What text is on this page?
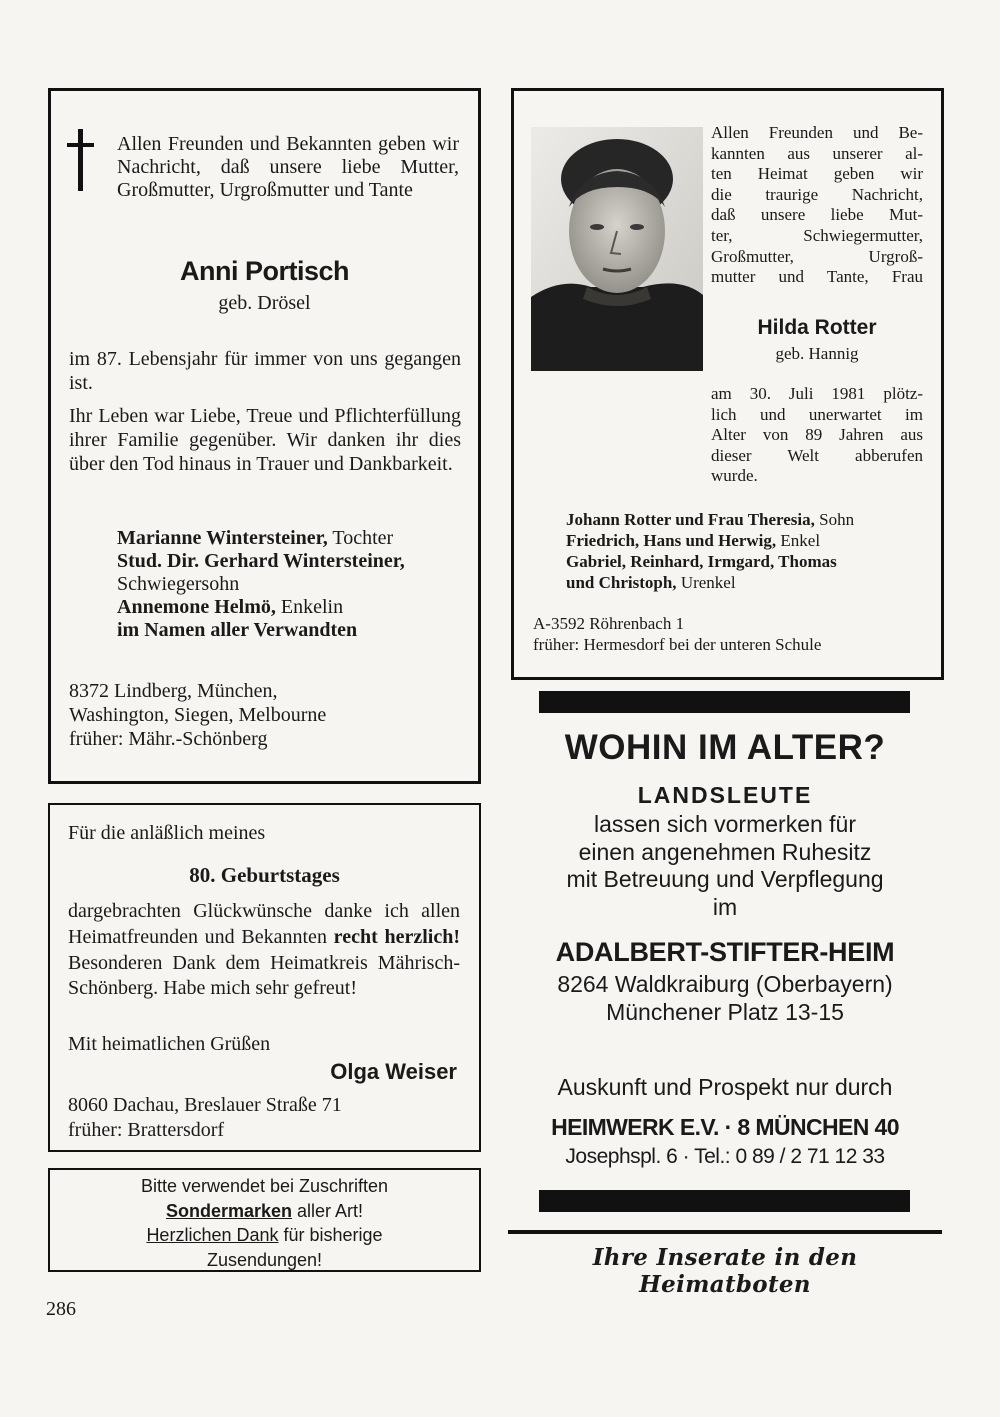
Allen Freunden und Bekannten geben wir Nachricht, daß unsere liebe Mutter, Großmutter, Urgroßmutter und Tante

Anni Portisch

geb. Drösel

im 87. Lebensjahr für immer von uns gegangen ist.

Ihr Leben war Liebe, Treue und Pflichterfüllung ihrer Familie gegenüber. Wir danken ihr dies über den Tod hinaus in Trauer und Dankbarkeit.

Marianne Wintersteiner, Tochter
Stud. Dir. Gerhard Wintersteiner,
Schwiegersohn
Annemone Helmö, Enkelin
im Namen aller Verwandten
8372 Lindberg, München,
Washington, Siegen, Melbourne
früher: Mähr.-Schönberg
Allen Freunden und Be-
kannten aus unserer al-
ten Heimat geben wir
die traurige Nachricht,
daß unsere liebe Mut-
ter, Schwiegermutter,
Großmutter, Urgroß-
mutter und Tante, Frau
Hilda Rotter

geb. Hannig

am 30. Juli 1981 plötz-
lich und unerwartet im
Alter von 89 Jahren aus
dieser Welt abberufen
wurde.
Johann Rotter und Frau Theresia, Sohn
Friedrich, Hans und Herwig, Enkel
Gabriel, Reinhard, Irmgard, Thomas
und Christoph, Urenkel
A-3592 Röhrenbach 1
früher: Hermesdorf bei der unteren Schule

Für die anläßlich meines

80. Geburtstages

dargebrachten Glückwünsche danke ich allen Heimatfreunden und Bekannten recht herzlich! Besonderen Dank dem Heimatkreis Mährisch-Schönberg. Habe mich sehr gefreut!

Mit heimatlichen Grüßen

Olga Weiser

8060 Dachau, Breslauer Straße 71
früher: Brattersdorf
Bitte verwendet bei Zuschriften
Sondermarken aller Art!
Herzlichen Dank für bisherige
Zusendungen!
WOHIN IM ALTER?
LANDSLEUTE
lassen sich vormerken für
einen angenehmen Ruhesitz
mit Betreuung und Verpflegung
im
ADALBERT-STIFTER-HEIM
8264 Waldkraiburg (Oberbayern)
Münchener Platz 13-15
Auskunft und Prospekt nur durch
HEIMWERK E.V. · 8 MÜNCHEN 40
Josephspl. 6 · Tel.: 0 89 / 2 71 12 33
Ihre Inserate in den Heimatboten
286
